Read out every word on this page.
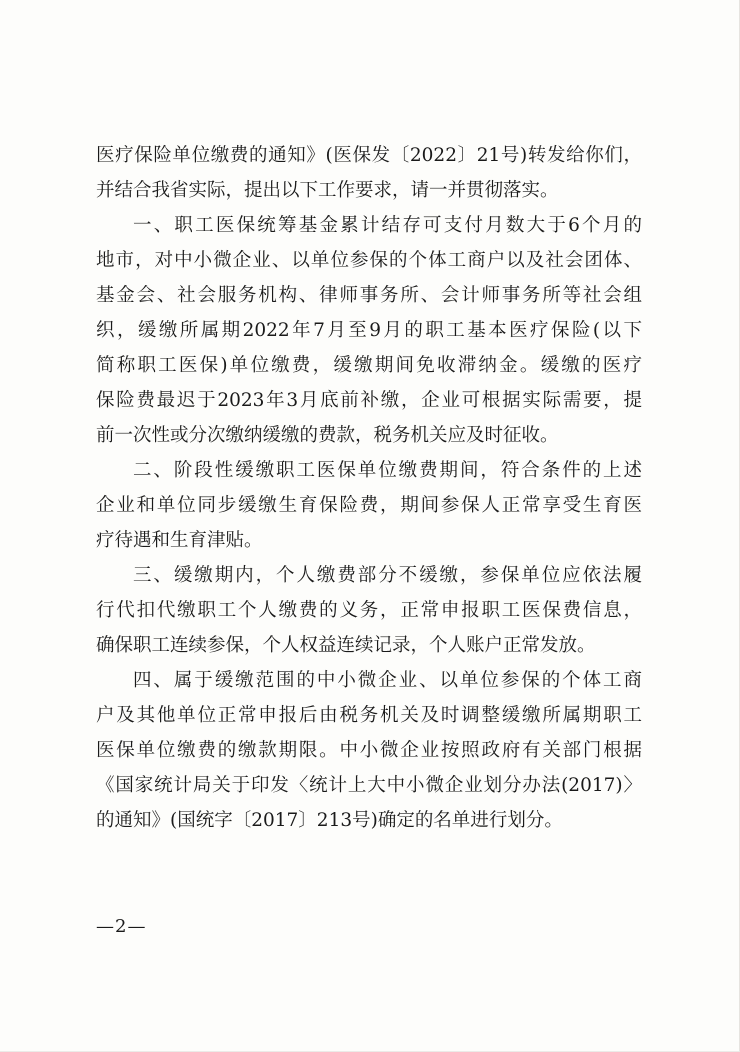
医疗保险单位缴费的通知》(医保发〔2022〕21号)转发给你们，
并结合我省实际，提出以下工作要求，请一并贯彻落实。
一、职工医保统筹基金累计结存可支付月数大于6个月的
地市，对中小微企业、以单位参保的个体工商户以及社会团体、
基金会、社会服务机构、律师事务所、会计师事务所等社会组
织，缓缴所属期2022年7月至9月的职工基本医疗保险(以下
简称职工医保)单位缴费，缓缴期间免收滞纳金。缓缴的医疗
保险费最迟于2023年3月底前补缴，企业可根据实际需要，提
前一次性或分次缴纳缓缴的费款，税务机关应及时征收。
二、阶段性缓缴职工医保单位缴费期间，符合条件的上述
企业和单位同步缓缴生育保险费，期间参保人正常享受生育医
疗待遇和生育津贴。
三、缓缴期内，个人缴费部分不缓缴，参保单位应依法履
行代扣代缴职工个人缴费的义务，正常申报职工医保费信息，
确保职工连续参保，个人权益连续记录，个人账户正常发放。
四、属于缓缴范围的中小微企业、以单位参保的个体工商
户及其他单位正常申报后由税务机关及时调整缓缴所属期职工
医保单位缴费的缴款期限。中小微企业按照政府有关部门根据
《国家统计局关于印发〈统计上大中小微企业划分办法(2017)〉
的通知》(国统字〔2017〕213号)确定的名单进行划分。
—2—
